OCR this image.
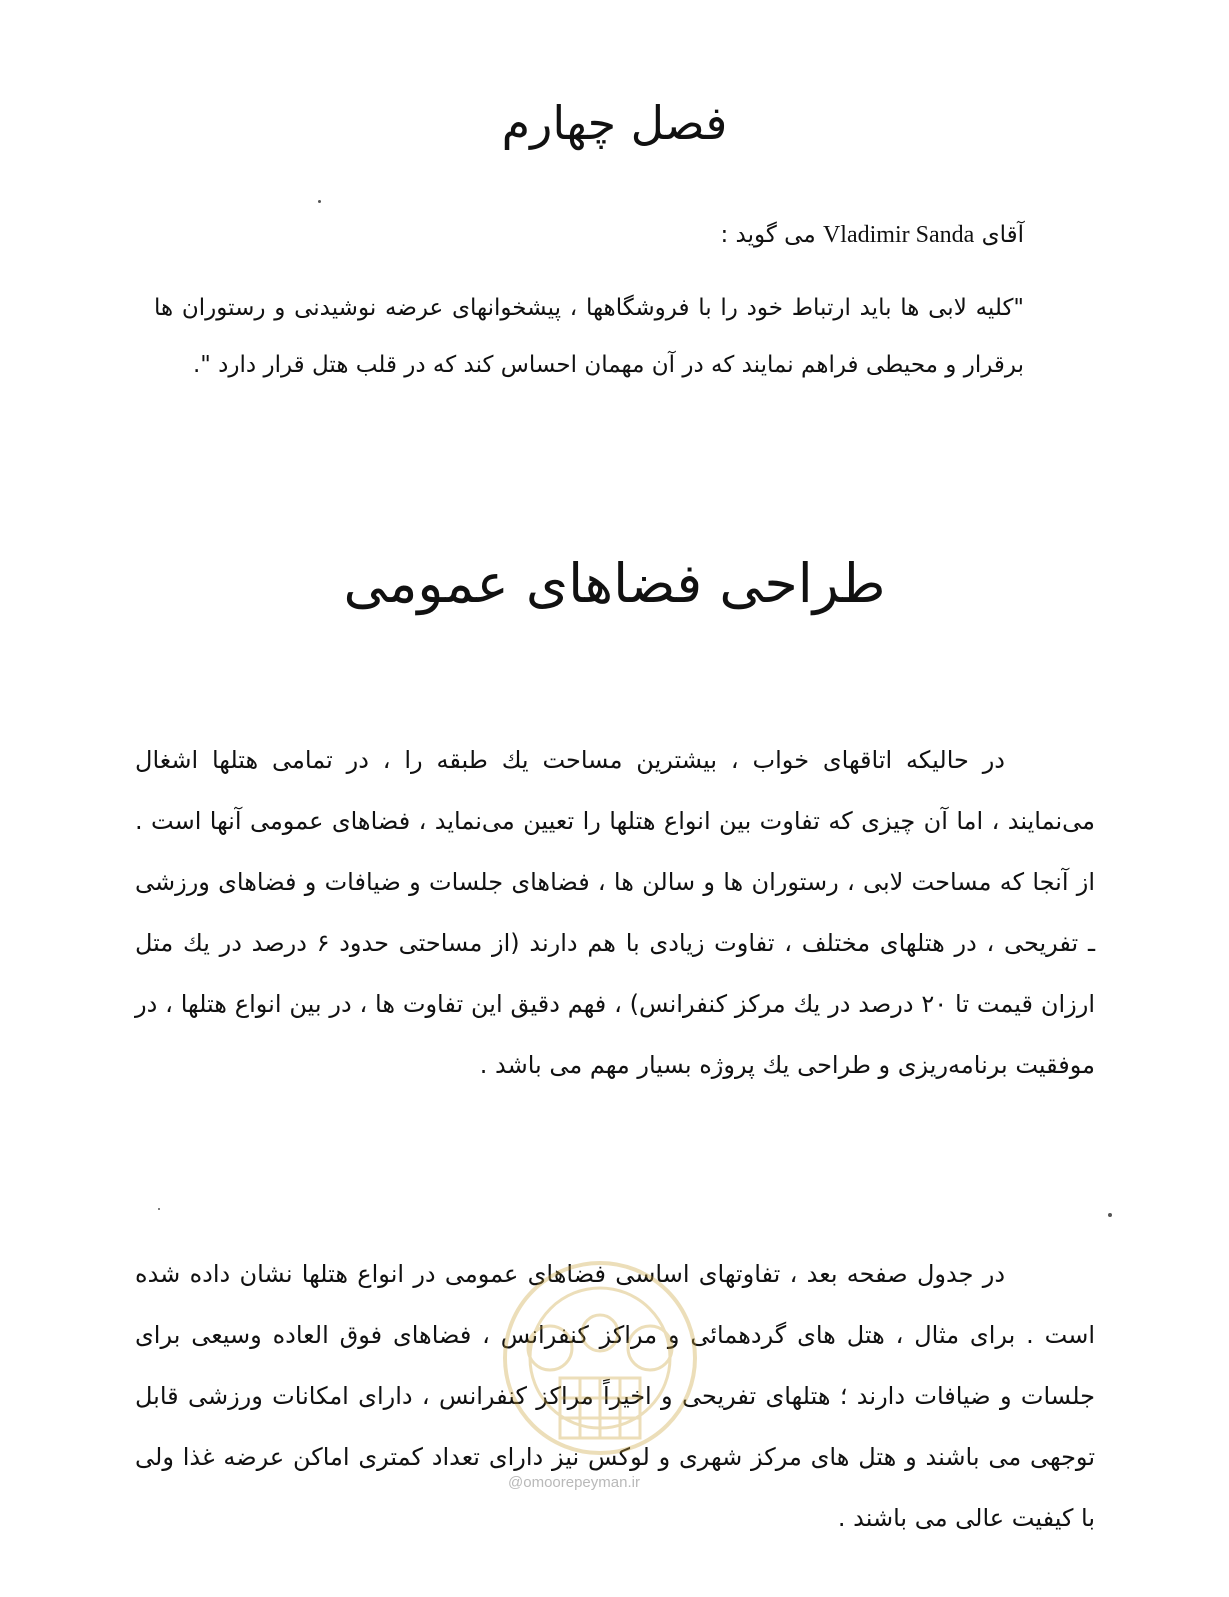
فصل چهارم
آقای Vladimir Sanda می گوید :
"کلیه لابی ها باید ارتباط خود را با فروشگاهها ، پیشخوانهای عرضه نوشیدنی و رستوران ها برقرار و محیطی فراهم نمایند که در آن مهمان احساس کند که در قلب هتل قرار دارد ".
طراحی فضاهای عمومی
در حالیکه اتاقهای خواب ، بیشترین مساحت یك طبقه را ، در تمامی هتلها اشغال می‌نمایند ، اما آن چیزی که تفاوت بین انواع هتلها را تعیین می‌نماید ، فضاهای عمومی آنها است . از آنجا که مساحت لابی ، رستوران ها و سالن ها ، فضاهای جلسات و ضیافات و فضاهای ورزشی ـ تفریحی ، در هتلهای مختلف ، تفاوت زیادی با هم دارند (از مساحتی حدود ۶ درصد در یك متل ارزان قیمت تا ۲۰ درصد در یك مرکز کنفرانس) ، فهم دقیق این تفاوت ها ، در بین انواع هتلها ، در موفقیت برنامه‌ریزی و طراحی یك پروژه بسیار مهم می باشد .
در جدول صفحه بعد ، تفاوتهای اساسی فضاهای عمومی در انواع هتلها نشان داده شده است . برای مثال ، هتل های گردهمائی و مراکز کنفرانس ، فضاهای فوق العاده وسیعی برای جلسات و ضیافات دارند ؛ هتلهای تفریحی و اخیراً مراکز کنفرانس ، دارای امکانات ورزشی قابل توجهی می باشند و هتل های مرکز شهری و لوکس نیز دارای تعداد کمتری اماکن عرضه غذا ولی با کیفیت عالی می باشند .
@omoorepeyman.ir
